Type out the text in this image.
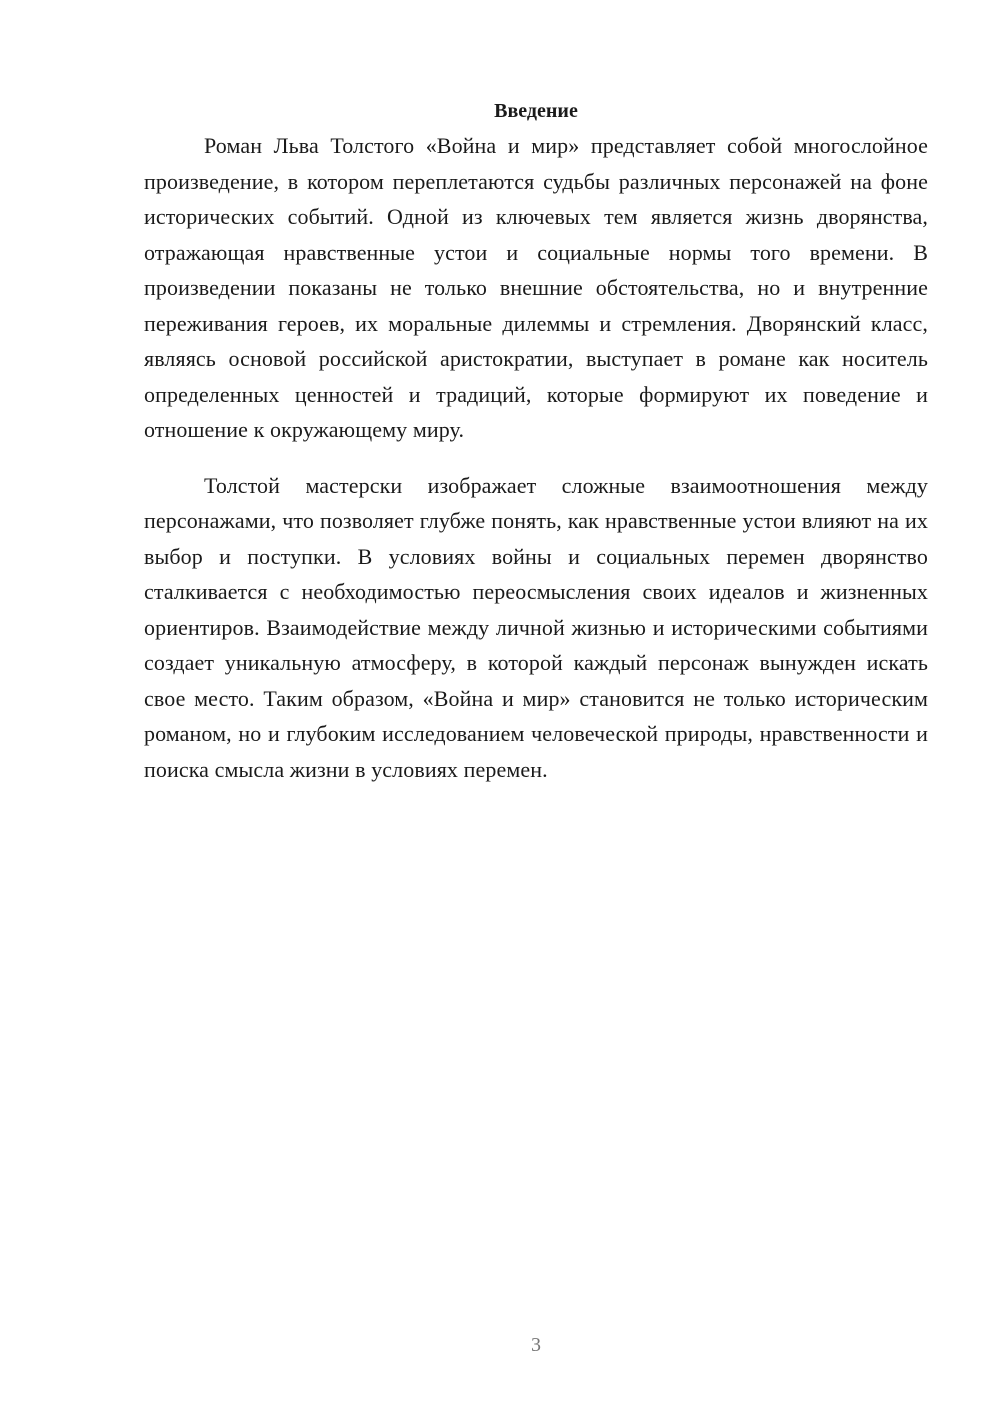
Введение

Роман Льва Толстого «Война и мир» представляет собой многослойное произведение, в котором переплетаются судьбы различных персонажей на фоне исторических событий. Одной из ключевых тем является жизнь дворянства, отражающая нравственные устои и социальные нормы того времени. В произведении показаны не только внешние обстоятельства, но и внутренние переживания героев, их моральные дилеммы и стремления. Дворянский класс, являясь основой российской аристократии, выступает в романе как носитель определенных ценностей и традиций, которые формируют их поведение и отношение к окружающему миру.

Толстой мастерски изображает сложные взаимоотношения между персонажами, что позволяет глубже понять, как нравственные устои влияют на их выбор и поступки. В условиях войны и социальных перемен дворянство сталкивается с необходимостью переосмысления своих идеалов и жизненных ориентиров. Взаимодействие между личной жизнью и историческими событиями создает уникальную атмосферу, в которой каждый персонаж вынужден искать свое место. Таким образом, «Война и мир» становится не только историческим романом, но и глубоким исследованием человеческой природы, нравственности и поиска смысла жизни в условиях перемен.

3
